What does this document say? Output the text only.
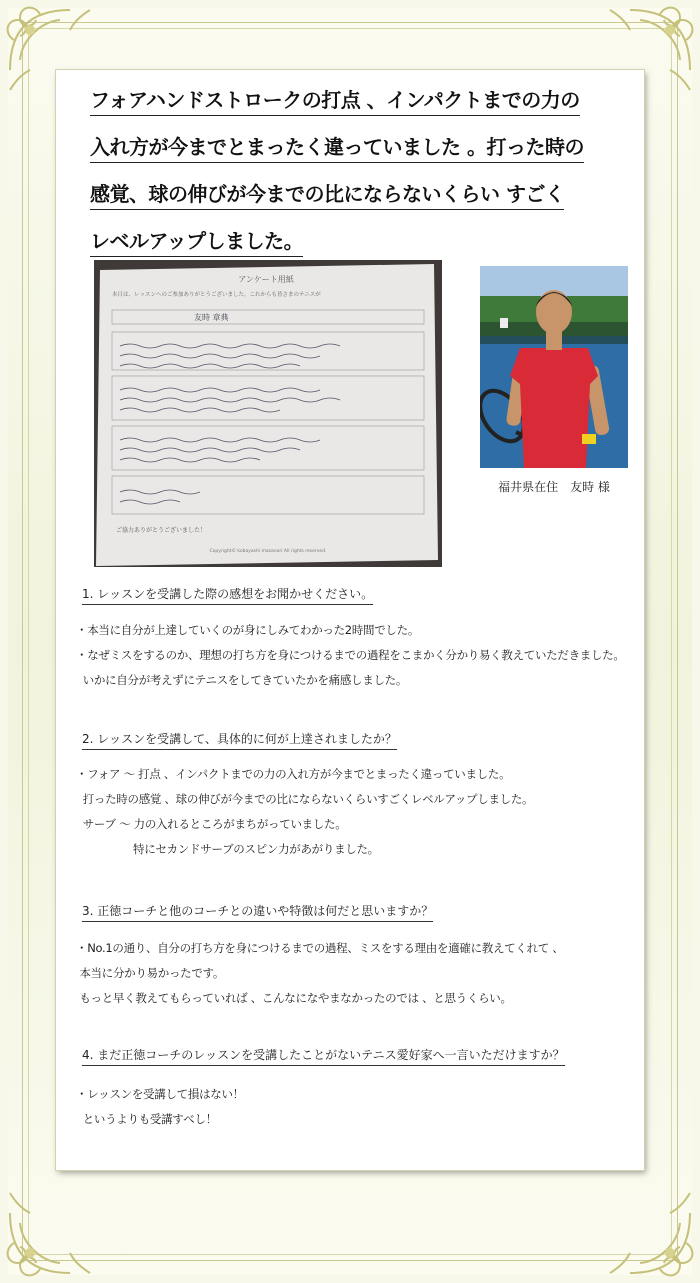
フォアハンドストロークの打点 、インパクトまでの力の
入れ方が今までとまったく違っていました 。打った時の
感覚、球の伸びが今までの比にならないくらい すごく
レベルアップしました。
アンケート用紙
本日は、レッスンへのご参加ありがとうございました。これからも皆さまのテニスが
友時 章典
ご協力ありがとうございました！
Copyright© kobayashi masanori All rights reserved.
福井県在住　友時 様
1. レッスンを受講した際の感想をお聞かせください。
・本当に自分が上達していくのが身にしみてわかった2時間でした。
・なぜミスをするのか、理想の打ち方を身につけるまでの過程をこまかく分かり易く教えていただきました。
いかに自分が考えずにテニスをしてきていたかを痛感しました。
2. レッスンを受講して、具体的に何が上達されましたか？
・フォア 〜 打点 、インパクトまでの力の入れ方が今までとまったく違っていました。
打った時の感覚 、球の伸びが今までの比にならないくらいすごくレベルアップしました。
サーブ 〜 力の入れるところがまちがっていました。
特にセカンドサーブのスピン力があがりました。
3. 正徳コーチと他のコーチとの違いや特徴は何だと思いますか？
・No.1の通り、自分の打ち方を身につけるまでの過程、ミスをする理由を適確に教えてくれて 、
本当に分かり易かったです。
もっと早く教えてもらっていれば 、こんなになやまなかったのでは 、と思うくらい。
4. まだ正徳コーチのレッスンを受講したことがないテニス愛好家へ一言いただけますか？
・レッスンを受講して損はない！
というよりも受講すべし！
